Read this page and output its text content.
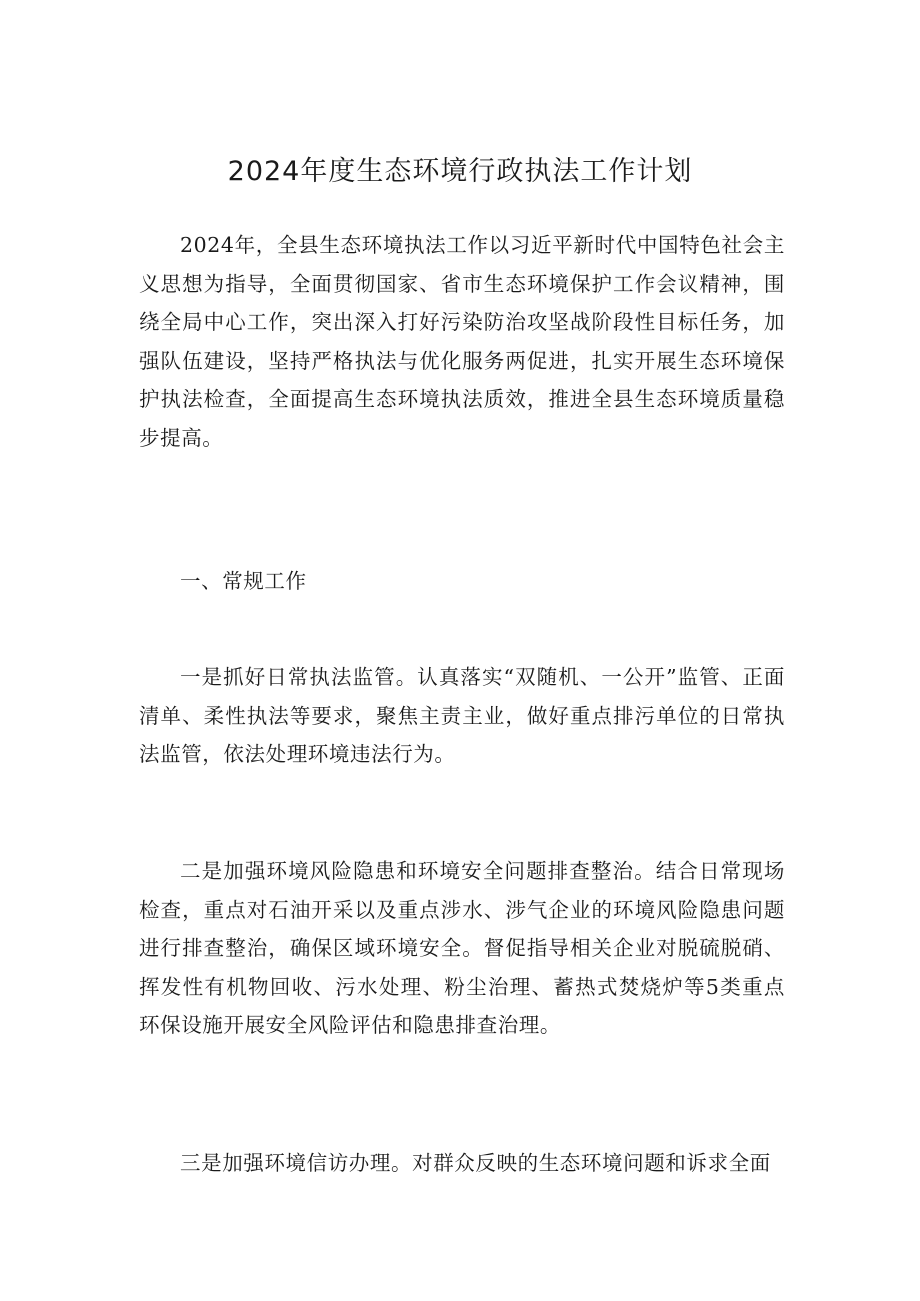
2024年度生态环境行政执法工作计划

2024年，全县生态环境执法工作以习近平新时代中国特色社会主义思想为指导，全面贯彻国家、省市生态环境保护工作会议精神，围绕全局中心工作，突出深入打好污染防治攻坚战阶段性目标任务，加强队伍建设，坚持严格执法与优化服务两促进，扎实开展生态环境保护执法检查，全面提高生态环境执法质效，推进全县生态环境质量稳步提高。

一、常规工作

一是抓好日常执法监管。认真落实“双随机、一公开”监管、正面清单、柔性执法等要求，聚焦主责主业，做好重点排污单位的日常执法监管，依法处理环境违法行为。

二是加强环境风险隐患和环境安全问题排查整治。结合日常现场检查，重点对石油开采以及重点涉水、涉气企业的环境风险隐患问题进行排查整治，确保区域环境安全。督促指导相关企业对脱硫脱硝、挥发性有机物回收、污水处理、粉尘治理、蓄热式焚烧炉等5类重点环保设施开展安全风险评估和隐患排查治理。

三是加强环境信访办理。对群众反映的生态环境问题和诉求全面
